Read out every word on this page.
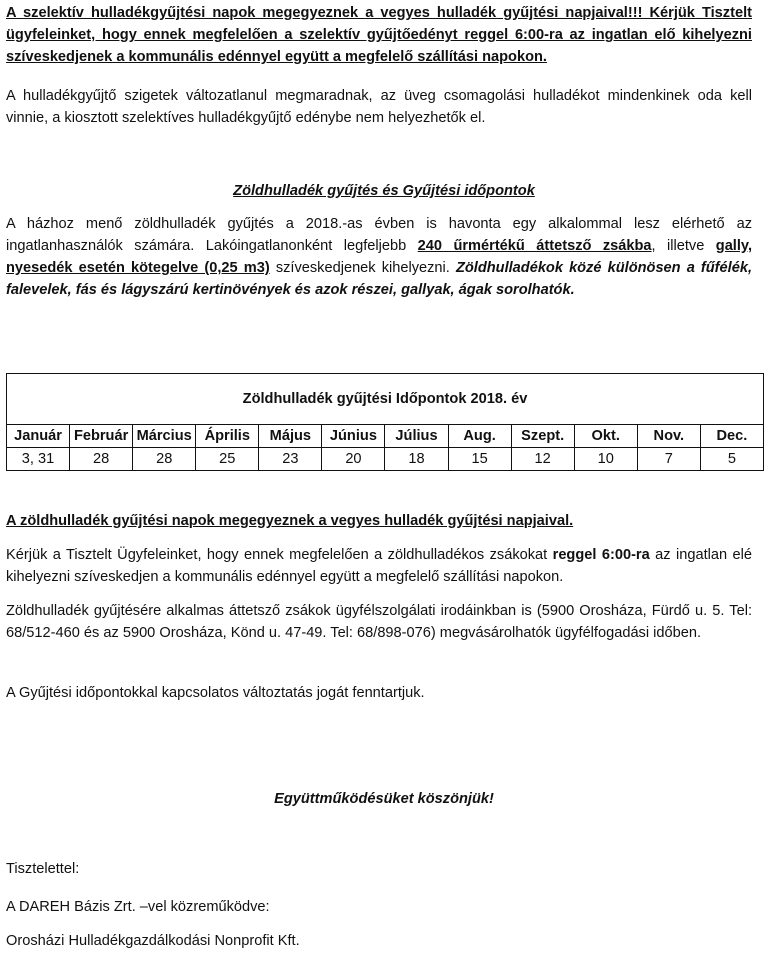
A szelektív hulladékgyűjtési napok megegyeznek a vegyes hulladék gyűjtési napjaival!!! Kérjük Tisztelt ügyfeleinket, hogy ennek megfelelően a szelektív gyűjtőedényt reggel 6:00-ra az ingatlan elő kihelyezni szíveskedjenek a kommunális edénnyel együtt a megfelelő szállítási napokon.

A hulladékgyűjtő szigetek változatlanul megmaradnak, az üveg csomagolási hulladékot mindenkinek oda kell vinnie, a kiosztott szelektíves hulladékgyűjtő edénybe nem helyezhetők el.

Zöldhulladék gyűjtés és Gyűjtési időpontok

A házhoz menő zöldhulladék gyűjtés a 2018.-as évben is havonta egy alkalommal lesz elérhető az ingatlanhasználók számára. Lakóingatlanonként legfeljebb 240 űrmértékű áttetsző zsákba, illetve gally, nyesedék esetén kötegelve (0,25 m3) szíveskedjenek kihelyezni. Zöldhulladékok közé különösen a fűfélék, falevelek, fás és lágyszárú kertinövények és azok részei, gallyak, ágak sorolhatók.

Zöldhulladék gyűjtési Időpontok 2018. év											
Január	Február	Március	Április	Május	Június	Július	Aug.	Szept.	Okt.	Nov.	Dec.
3, 31	28	28	25	23	20	18	15	12	10	7	5

A zöldhulladék gyűjtési napok megegyeznek a vegyes hulladék gyűjtési napjaival.

Kérjük a Tisztelt Ügyfeleinket, hogy ennek megfelelően a zöldhulladékos zsákokat reggel 6:00-ra az ingatlan elé kihelyezni szíveskedjen a kommunális edénnyel együtt a megfelelő szállítási napokon.

Zöldhulladék gyűjtésére alkalmas áttetsző zsákok ügyfélszolgálati irodáinkban is (5900 Orosháza, Fürdő u. 5. Tel: 68/512-460 és az 5900 Orosháza, Könd u. 47-49. Tel: 68/898-076) megvásárolhatók ügyfélfogadási időben.

A Gyűjtési időpontokkal kapcsolatos változtatás jogát fenntartjuk.

Együttműködésüket köszönjük!

Tisztelettel:

A DAREH Bázis Zrt. –vel közreműködve:

Orosházi Hulladékgazdálkodási Nonprofit Kft.
